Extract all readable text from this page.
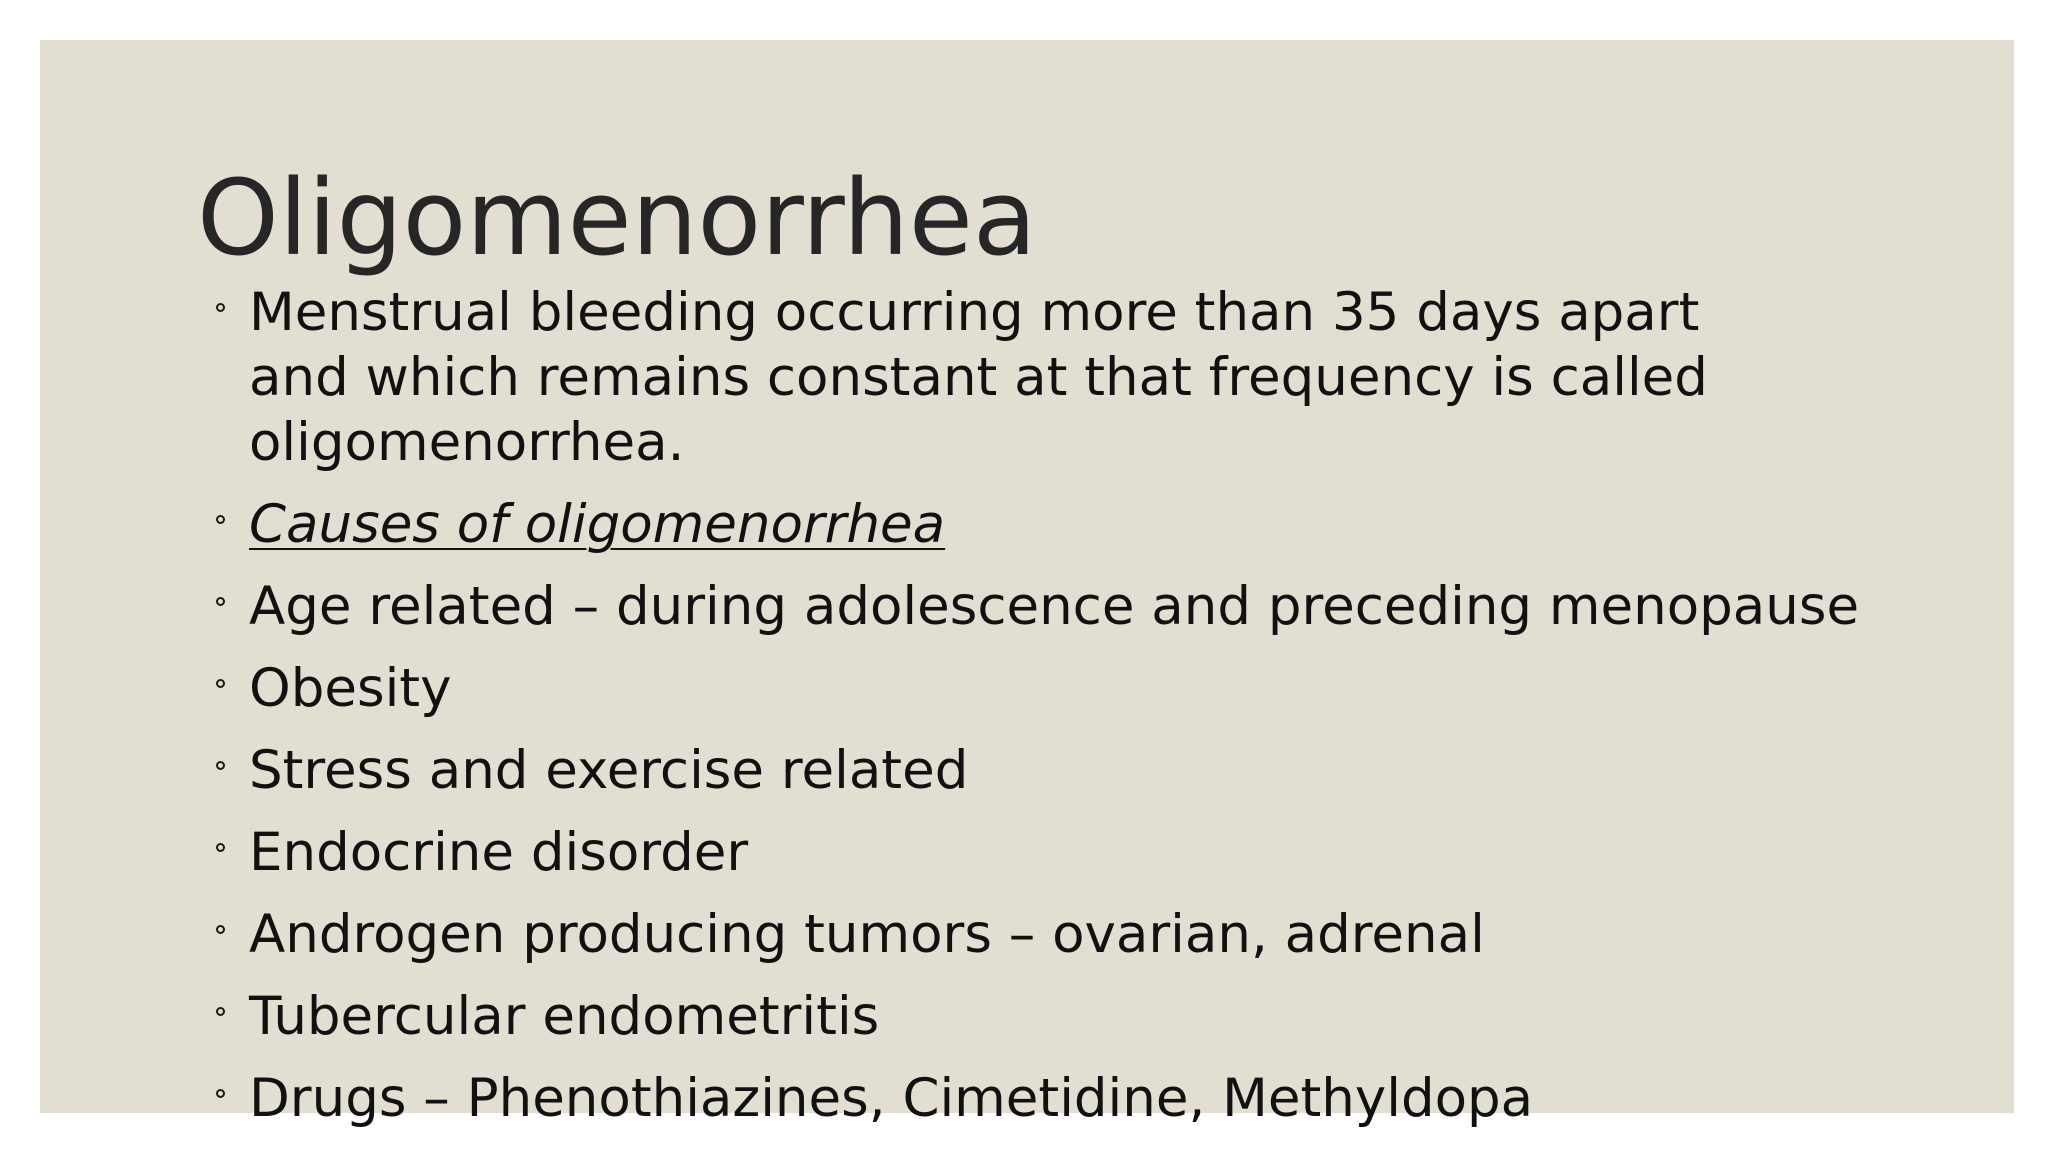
Oligomenorrhea
Menstrual bleeding occurring more than 35 days apart and which remains constant at that frequency is called oligomenorrhea.
Causes of oligomenorrhea
Age related – during adolescence and preceding menopause
Obesity
Stress and exercise related
Endocrine disorder
Androgen producing tumors – ovarian, adrenal
Tubercular endometritis
Drugs – Phenothiazines, Cimetidine, Methyldopa
